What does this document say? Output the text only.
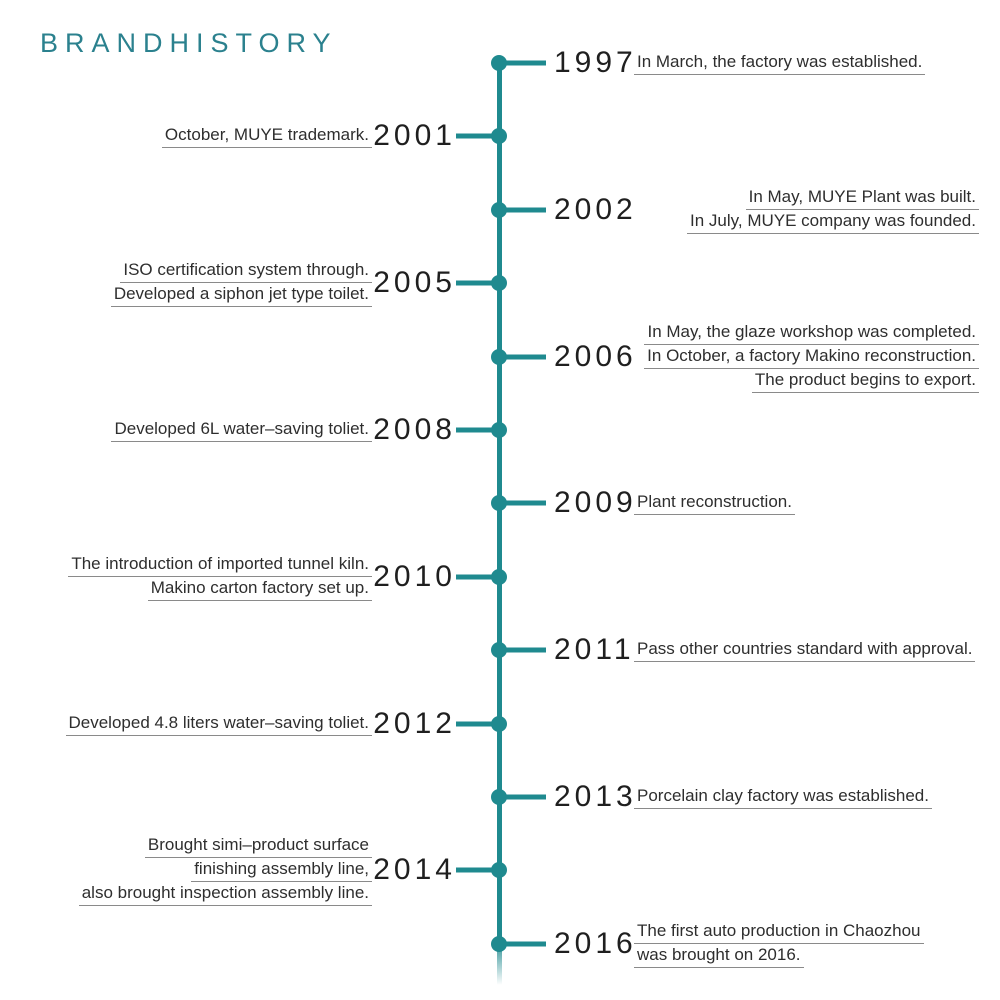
BRANDHISTORY
1997 In March, the factory was established.
2001
October, MUYE trademark.
2002	In May, MUYE Plant was built.
In July, MUYE company was founded.
2005
ISO certification system through.
Developed a siphon jet type toilet.
2006
In May, the glaze workshop was completed.
In October, a factory Makino reconstruction.
The product begins to export.
2008
Developed 6L water–saving toliet.
2009 Plant reconstruction.
2010
The introduction of imported tunnel kiln.
Makino carton factory set up.
2011 Pass other countries standard with approval.
2012
Developed 4.8 liters water–saving toliet.
2013 Porcelain clay factory was established.
2014
Brought simi–product surface
finishing assembly line,
also brought inspection assembly line.
2016 The first auto production in Chaozhou
was brought on 2016.
